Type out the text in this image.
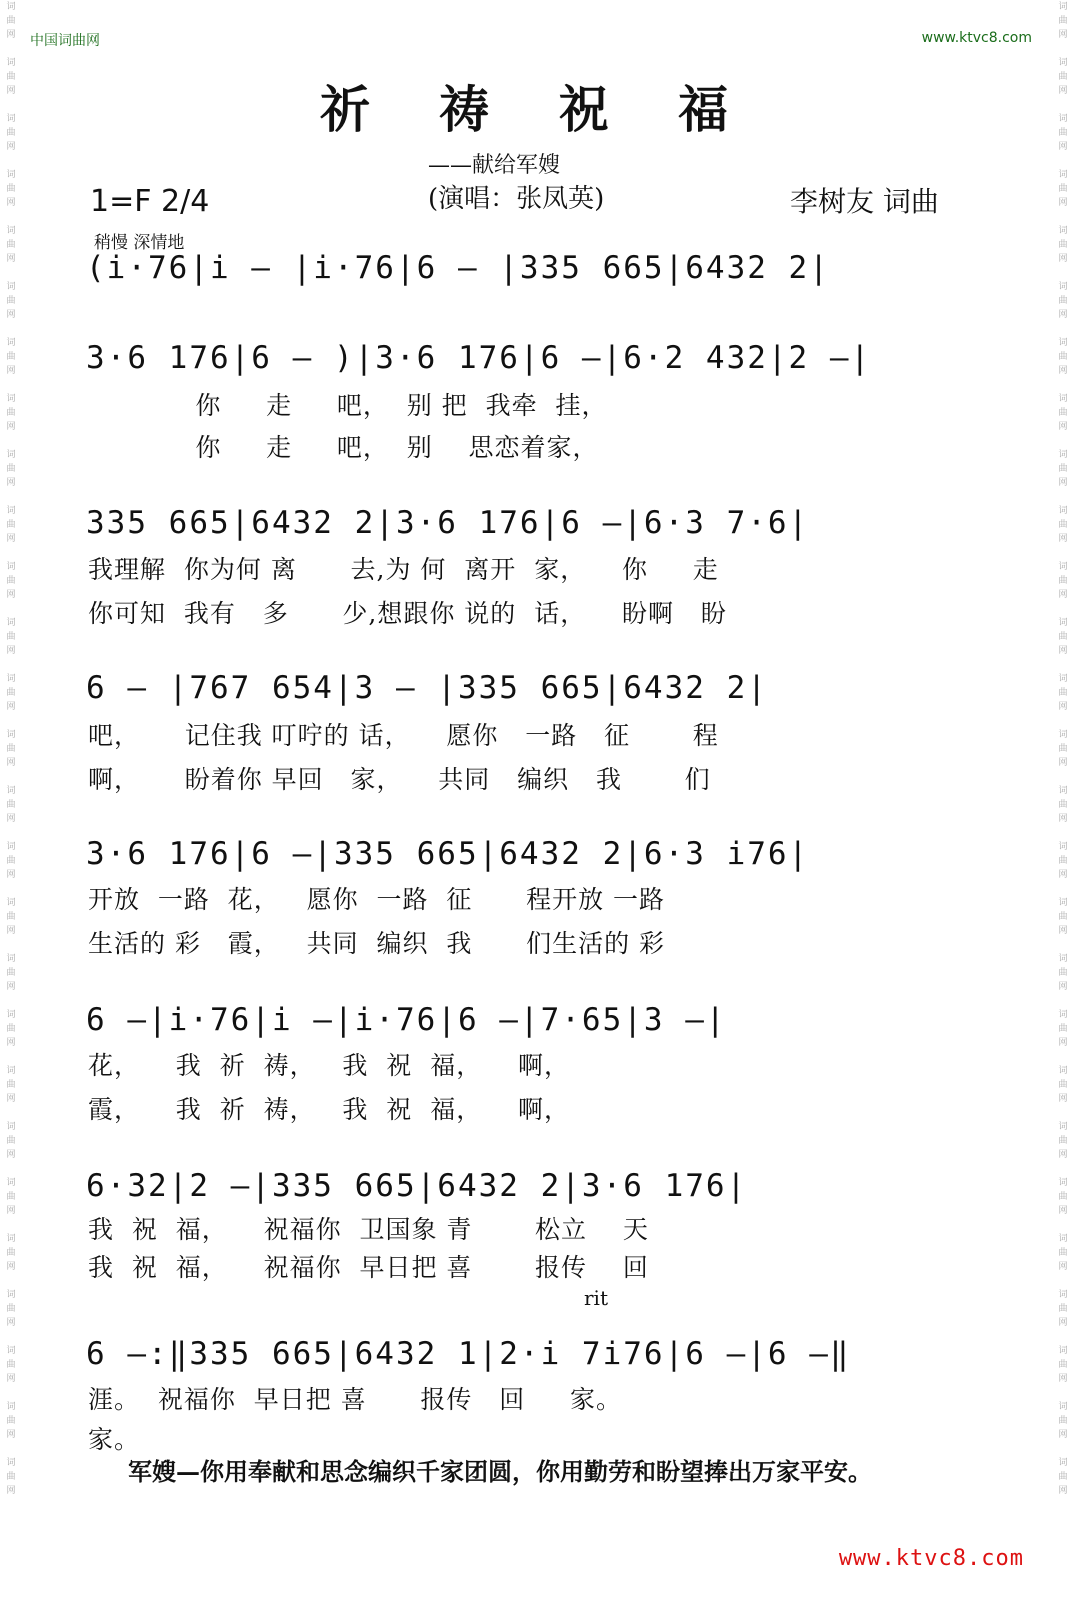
词
曲
网
词
曲
网
词
曲
网
词
曲
网
词
曲
网
词
曲
网
词
曲
网
词
曲
网
词
曲
网
词
曲
网
词
曲
网
词
曲
网
词
曲
网
词
曲
网
词
曲
网
词
曲
网
词
曲
网
词
曲
网
词
曲
网
词
曲
网
词
曲
网
词
曲
网
词
曲
网
词
曲
网
词
曲
网
词
曲
网
词
曲
网
词
曲
网
词
曲
网
词
曲
网
词
曲
网
词
曲
网
词
曲
网
词
曲
网
词
曲
网
词
曲
网
词
曲
网
词
曲
网
词
曲
网
词
曲
网
词
曲
网
词
曲
网
词
曲
网
词
曲
网
词
曲
网
词
曲
网
词
曲
网
词
曲
网
词
曲
网
词
曲
网
词
曲
网
词
曲
网
词
曲
网
词
曲
网
中国词曲网	www.ktvc8.com
祈 祷 祝 福
——献给军嫂
1=F 2/4	(演唱：张凤英)	李树友 词曲
稍慢 深情地
(i·76|i — |i·76|6 — |335 665|6432 2|
3·6 176|6 — )|3·6 176|6 —|6·2 432|2 —|
你     走     吧，  别 把  我牵  挂，
你     走     吧，  别    思恋着家，
335 665|6432 2|3·6 176|6 —|6·3 7·6|
我理解  你为何 离      去,为 何  离开  家，    你     走
你可知  我有   多      少,想跟你 说的  话，    盼啊   盼
6 — |767 654|3 — |335 665|6432 2|
吧，     记住我 叮咛的 话，    愿你   一路   征       程
啊，     盼着你 早回   家，    共同   编织   我       们
3·6 176|6 —|335 665|6432 2|6·3 i76|
开放  一路  花，   愿你  一路  征      程开放 一路
生活的 彩   霞，   共同  编织  我      们生活的 彩
6 —|i·76|i —|i·76|6 —|7·65|3 —|
花，    我  祈  祷，   我  祝  福，    啊，
霞，    我  祈  祷，   我  祝  福，    啊，
6·32|2 —|335 665|6432 2|3·6 176|
我  祝  福，    祝福你  卫国象 青       松立    天
我  祝  福，    祝福你  早日把 喜       报传    回
rit
6 —:‖335 665|6432 1|2·i 7i76|6 —|6 —‖
涯。  祝福你  早日把 喜      报传   回     家。
家。
军嫂—你用奉献和思念编织千家团圆，你用勤劳和盼望捧出万家平安。
www.ktvc8.com
